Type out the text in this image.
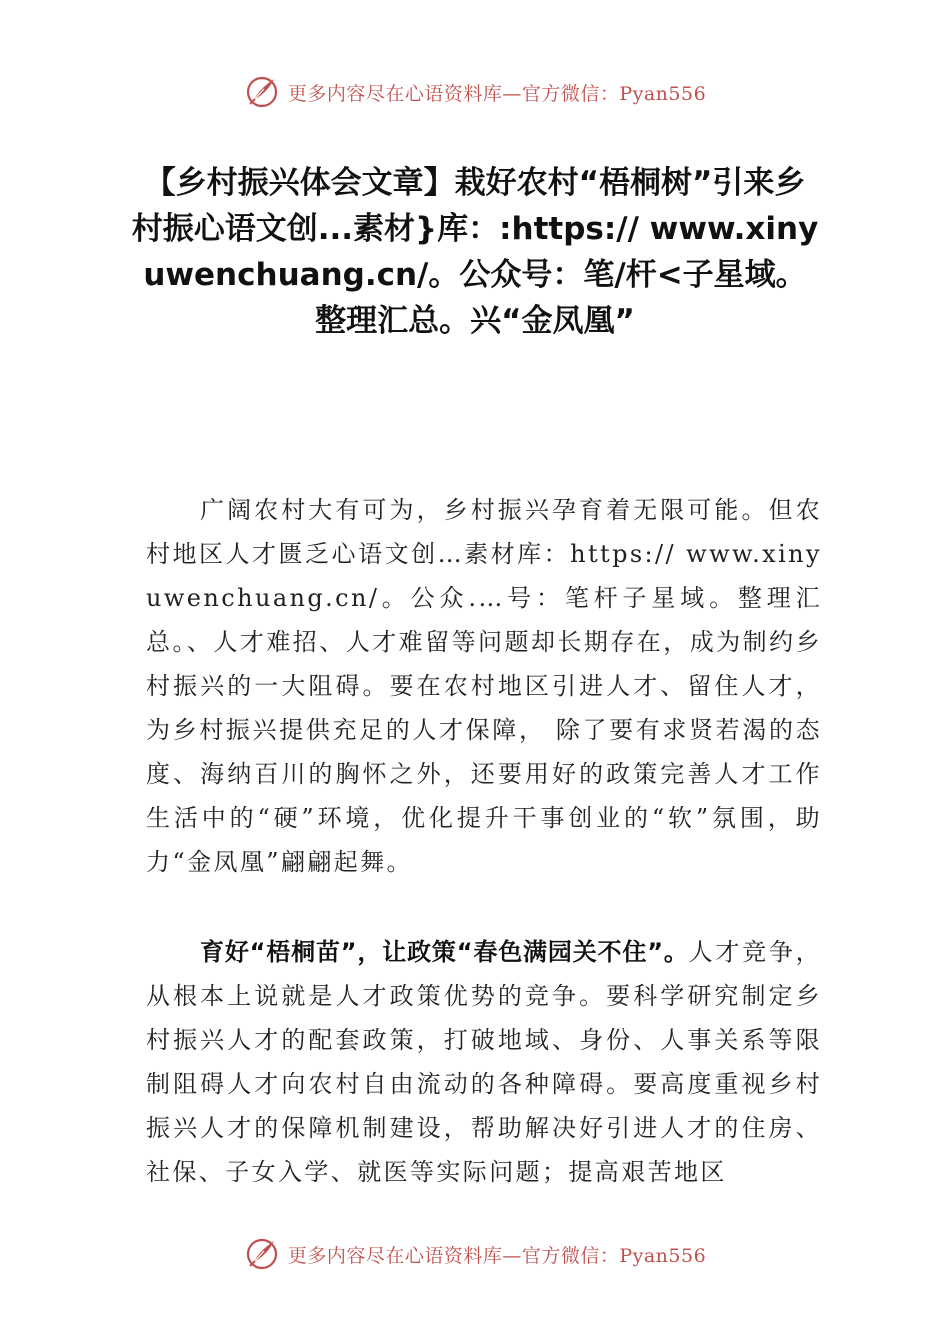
更多内容尽在心语资料库—官方微信：Pyan556
【乡村振兴体会文章】栽好农村“梧桐树”引来乡村振心语文创...素材}库：:https:// www.xinyuwenchuang.cn/。公众号：笔/杆<子星域。整理汇总。兴“金凤凰”
广阔农村大有可为，乡村振兴孕育着无限可能。但农村地区人才匮乏心语文创…素材库：https:// www.xinyuwenchuang.cn/。公众.…号：笔杆子星域。整理汇总。、人才难招、人才难留等问题却长期存在，成为制约乡村振兴的一大阻碍。要在农村地区引进人才、留住人才，为乡村振兴提供充足的人才保障， 除了要有求贤若渴的态度、海纳百川的胸怀之外，还要用好的政策完善人才工作生活中的“硬”环境，优化提升干事创业的“软”氛围，助力“金凤凰”翩翩起舞。
育好“梧桐苗”，让政策“春色满园关不住”。人才竞争，从根本上说就是人才政策优势的竞争。要科学研究制定乡村振兴人才的配套政策，打破地域、身份、人事关系等限制阻碍人才向农村自由流动的各种障碍。要高度重视乡村振兴人才的保障机制建设，帮助解决好引进人才的住房、社保、子女入学、就医等实际问题；提高艰苦地区
更多内容尽在心语资料库—官方微信：Pyan556
